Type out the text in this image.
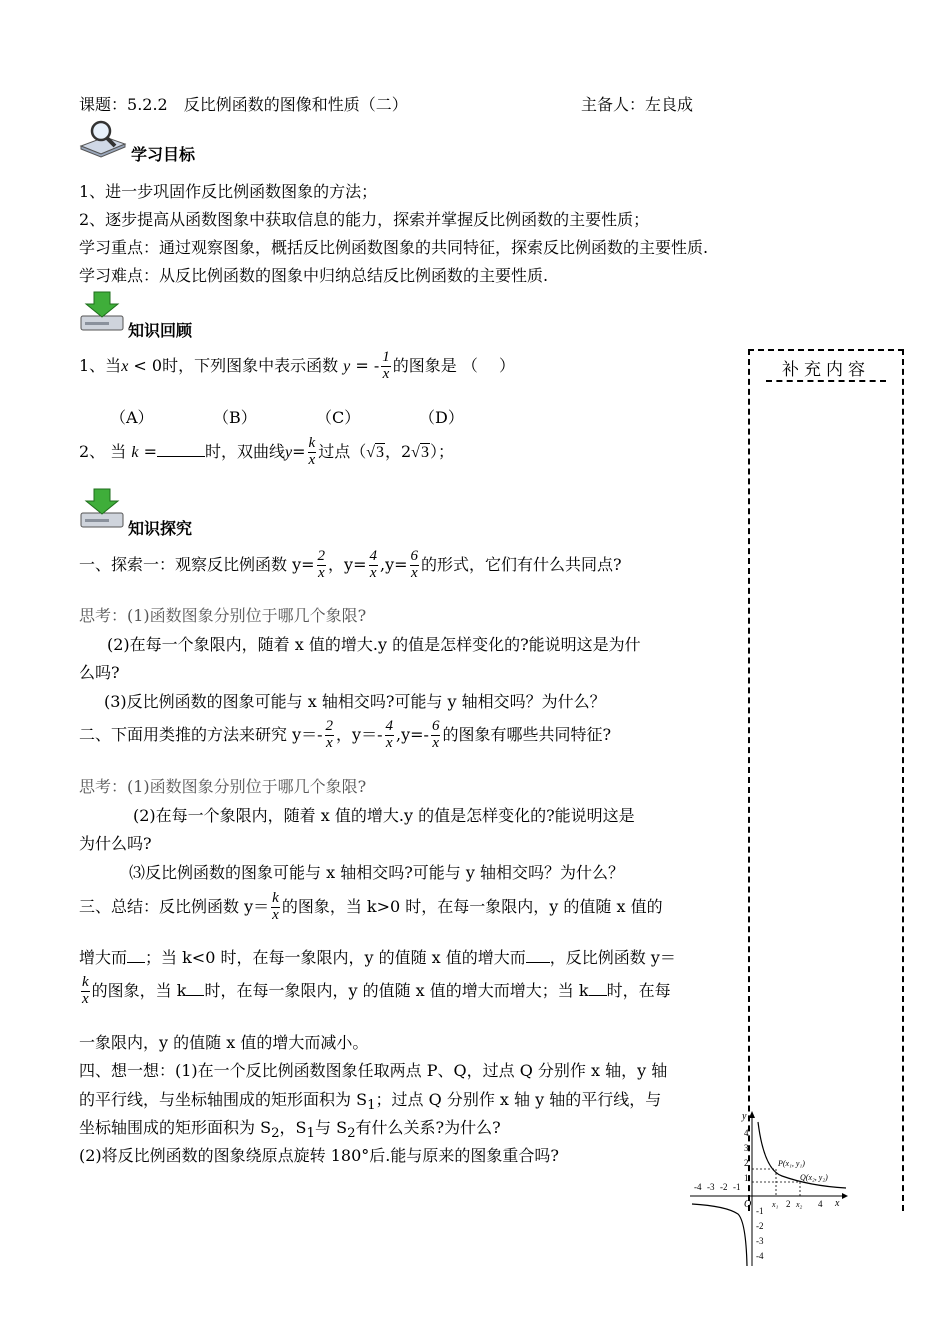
课题：5.2.2　反比例函数的图像和性质（二）	主备人：左良成
学习目标
1、进一步巩固作反比例函数图象的方法；
2、逐步提高从函数图象中获取信息的能力，探索并掌握反比例函数的主要性质；
学习重点：通过观察图象，概括反比例函数图象的共同特征，探索反比例函数的主要性质.
学习难点：从反比例函数的图象中归纳总结反比例函数的主要性质.
知识回顾
1、当x < 0时，下列图象中表示函数 y = - $\frac{1}{x}$ 的图象是 （　 ）
（A）	（B）	（C）	（D）
2、 当 k =	时，双曲线$y= \frac{k}{x}$ 过点（√3，2√3）；
知识探究
一、探索一：观察反比例函数 $y= \frac{2}{x}$ ，$y= \frac{4}{x} ,y= \frac{6}{x}$ 的形式，它们有什么共同点?
思考：(1)函数图象分别位于哪几个象限?
(2)在每一个象限内，随着 x 值的增大.y 的值是怎样变化的?能说明这是为什
么吗?
(3)反比例函数的图象可能与 x 轴相交吗?可能与 y 轴相交吗？为什么？
二、下面用类推的方法来研究 $y=- \frac{2}{x}$ ，$y=- \frac{4}{x} ,y=- \frac{6}{x}$ 的图象有哪些共同特征?
思考：(1)函数图象分别位于哪几个象限?
(2)在每一个象限内，随着 x 值的增大.y 的值是怎样变化的?能说明这是
为什么吗?
⑶反比例函数的图象可能与 x 轴相交吗?可能与 y 轴相交吗？为什么？
三、总结：反比例函数 $y= \frac{k}{x}$ 的图象，当 k>0 时，在每一象限内，y 的值随 x 值的
增大而 ；当 k<0 时，在每一象限内，y 的值随 x 值的增大而 ，反比例函数 y＝
$\frac{k}{x}$ 的图象，当 k 时，在每一象限内，y 的值随 x 值的增大而增大；当 k 时，在每
一象限内，y 的值随 x 值的增大而减小。
四、想一想：(1)在一个反比例函数图象任取两点 P、Q，过点 Q 分别作 x 轴，y 轴
的平行线，与坐标轴围成的矩形面积为 $S_1$；过点 Q 分别作 x 轴 y 轴的平行线，与
坐标轴围成的矩形面积为 $S_2$，$S_1$与 $S_2$有什么关系?为什么?
(2)将反比例函数的图象绕原点旋转 180°后.能与原来的图象重合吗?
补充内容
y
x
O
-4 -3 -2 -1
2	4
x₁ x₂
4
3
2
1
-1
-2
-3
-4
P(x₁, y₁)
Q(x₂, y₂)
